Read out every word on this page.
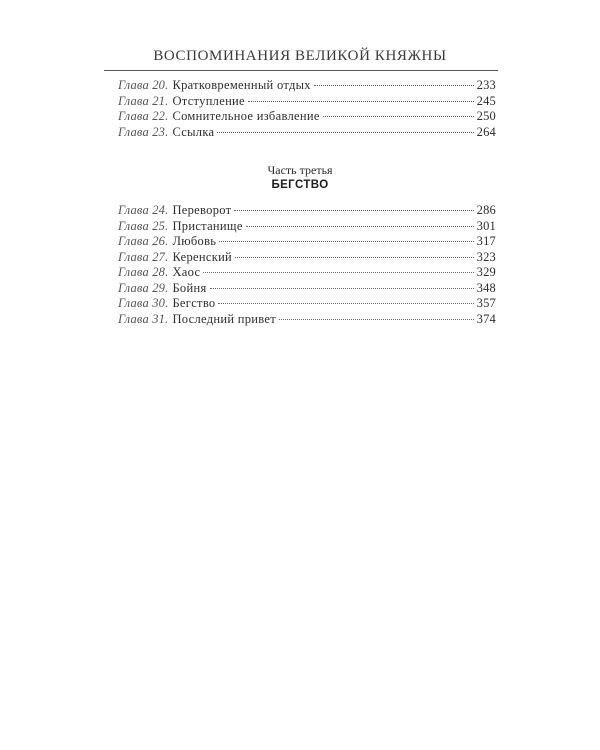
ВОСПОМИНАНИЯ ВЕЛИКОЙ КНЯЖНЫ
Глава 20. Кратковременный отдых	233
Глава 21. Отступление	245
Глава 22. Сомнительное избавление	250
Глава 23. Ссылка	264
Часть третья
БЕГСТВО
Глава 24. Переворот	286
Глава 25. Пристанище	301
Глава 26. Любовь	317
Глава 27. Керенский	323
Глава 28. Хаос	329
Глава 29. Бойня	348
Глава 30. Бегство	357
Глава 31. Последний привет	374
